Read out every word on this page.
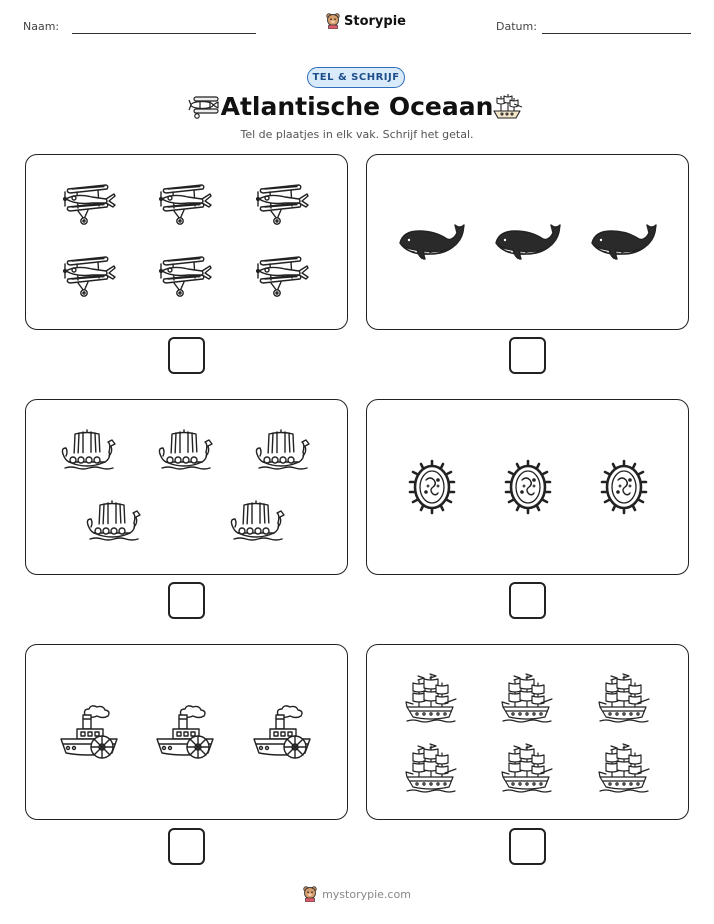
Naam:	Storypie	Datum:
TEL & SCHRIJF
Atlantische Oceaan
Tel de plaatjes in elk vak. Schrijf het getal.
mystorypie.com
